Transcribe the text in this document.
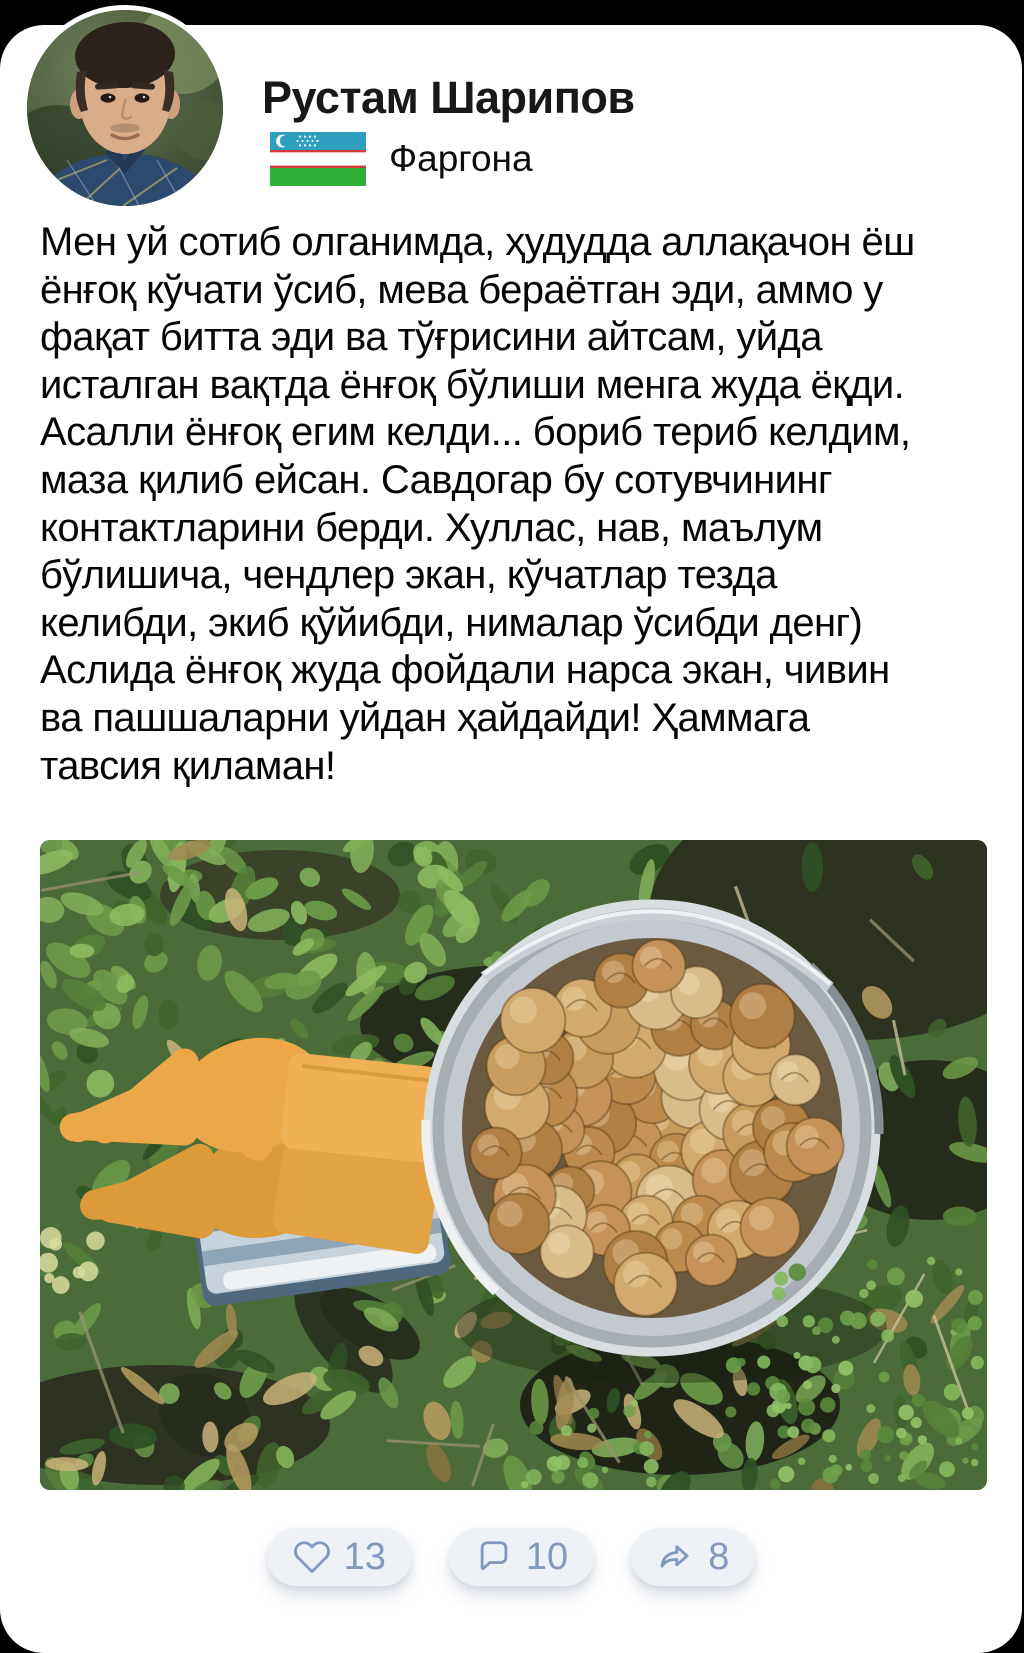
Рустам Шарипов
Фаргона
Мен уй сотиб олганимда, ҳудудда аллақачон ёш
ёнғоқ кўчати ўсиб, мева бераётган эди, аммо у
фақат битта эди ва тўғрисини айтсам, уйда
исталган вақтда ёнғоқ бўлиши менга жуда ёқди.
Асалли ёнғоқ егим келди... бориб териб келдим,
маза қилиб ейсан. Савдогар бу сотувчининг
контактларини берди. Хуллас, нав, маълум
бўлишича, чендлер экан, кўчатлар тезда
келибди, экиб қўйибди, нималар ўсибди денг)
Аслида ёнғоқ жуда фойдали нарса экан, чивин
ва пашшаларни уйдан ҳайдайди! Ҳаммага
тавсия қиламан!
13	10	8
